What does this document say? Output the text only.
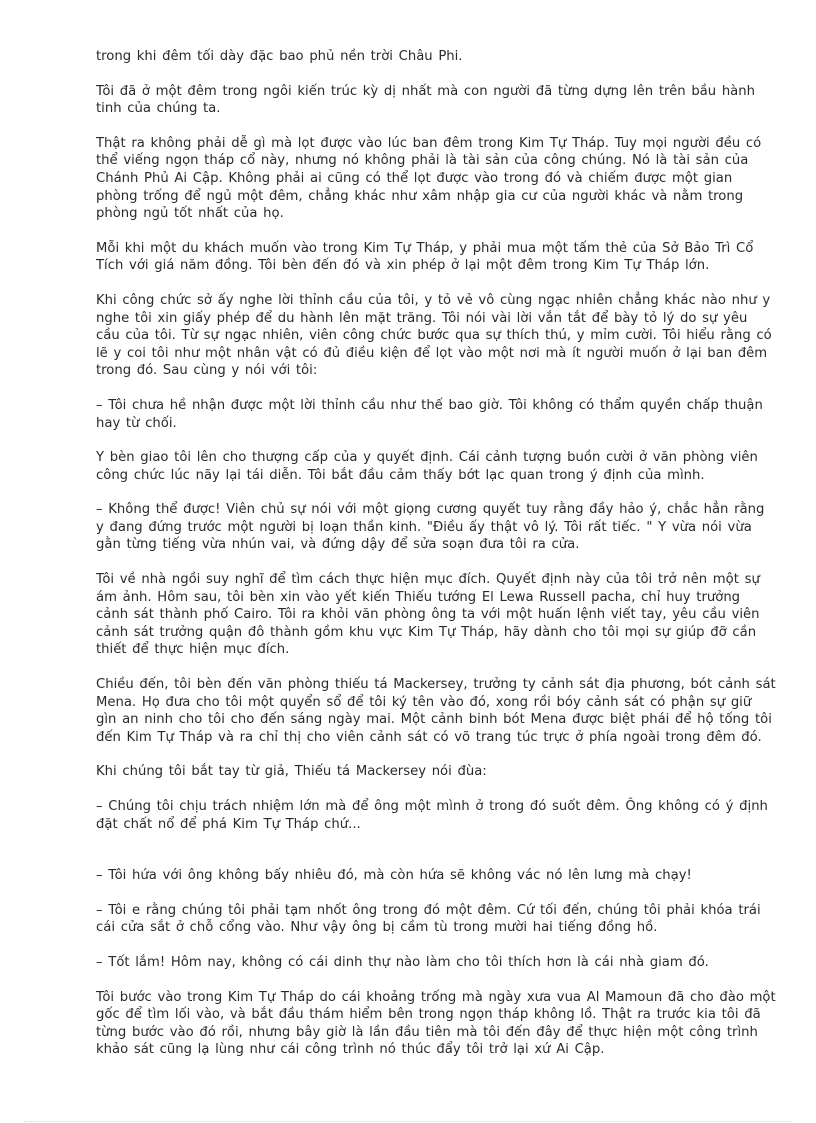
trong khi đêm tối dày đặc bao phủ nền trời Châu Phi.

Tôi đã ở một đêm trong ngôi kiến trúc kỳ dị nhất mà con người đã từng dựng lên trên bầu hành tinh của chúng ta.

Thật ra không phải dễ gì mà lọt được vào lúc ban đêm trong Kim Tự Tháp. Tuy mọi người đều có thể viếng ngọn tháp cổ này, nhưng nó không phải là tài sản của công chúng. Nó là tài sản của Chánh Phủ Ai Cập. Không phải ai cũng có thể lọt được vào trong đó và chiếm được một gian phòng trống để ngủ một đêm, chẳng khác như xâm nhập gia cư của người khác và nằm trong phòng ngủ tốt nhất của họ.

Mỗi khi một du khách muốn vào trong Kim Tự Tháp, y phải mua một tấm thẻ của Sở Bảo Trì Cổ Tích với giá năm đồng. Tôi bèn đến đó và xin phép ở lại một đêm trong Kim Tự Tháp lớn.

Khi công chức sở ấy nghe lời thỉnh cầu của tôi, y tỏ vẻ vô cùng ngạc nhiên chẳng khác nào như y nghe tôi xin giấy phép để du hành lên mặt trăng. Tôi nói vài lời vắn tắt để bày tỏ lý do sự yêu cầu của tôi. Từ sự ngạc nhiên, viên công chức bước qua sự thích thú, y mỉm cười. Tôi hiểu rằng có lẽ y coi tôi như một nhân vật có đủ điều kiện để lọt vào một nơi mà ít người muốn ở lại ban đêm trong đó. Sau cùng y nói với tôi:

– Tôi chưa hề nhận được một lời thỉnh cầu như thế bao giờ. Tôi không có thẩm quyền chấp thuận hay từ chối.

Y bèn giao tôi lên cho thượng cấp của y quyết định. Cái cảnh tượng buồn cười ở văn phòng viên công chức lúc nãy lại tái diễn. Tôi bắt đầu cảm thấy bớt lạc quan trong ý định của mình.

– Không thể được! Viên chủ sự nói với một giọng cương quyết tuy rằng đầy hảo ý, chắc hẳn rằng y đang đứng trước một người bị loạn thần kinh. "Điều ấy thật vô lý. Tôi rất tiếc. " Y vừa nói vừa gằn từng tiếng vừa nhún vai, và đứng dậy để sửa soạn đưa tôi ra cửa.

Tôi về nhà ngồi suy nghĩ để tìm cách thực hiện mục đích. Quyết định này của tôi trở nên một sự ám ảnh. Hôm sau, tôi bèn xin vào yết kiến Thiếu tướng El Lewa Russell pacha, chỉ huy trưởng cảnh sát thành phố Cairo. Tôi ra khỏi văn phòng ông ta với một huấn lệnh viết tay, yêu cầu viên cảnh sát trưởng quận đô thành gồm khu vực Kim Tự Tháp, hãy dành cho tôi mọi sự giúp đỡ cần thiết để thực hiện mục đích.

Chiều đến, tôi bèn đến văn phòng thiếu tá Mackersey, trưởng ty cảnh sát địa phương, bót cảnh sát Mena. Họ đưa cho tôi một quyển sổ để tôi ký tên vào đó, xong rồi bóy cảnh sát có phận sự giữ gìn an ninh cho tôi cho đến sáng ngày mai. Một cảnh binh bót Mena được biệt phái để hộ tống tôi đến Kim Tự Tháp và ra chỉ thị cho viên cảnh sát có võ trang túc trực ở phía ngoài trong đêm đó.

Khi chúng tôi bắt tay từ giả, Thiếu tá Mackersey nói đùa:

– Chúng tôi chịu trách nhiệm lớn mà để ông một mình ở trong đó suốt đêm. Ông không có ý định đặt chất nổ để phá Kim Tự Tháp chứ...

– Tôi hứa với ông không bấy nhiêu đó, mà còn hứa sẽ không vác nó lên lưng mà chạy!

– Tôi e rằng chúng tôi phải tạm nhốt ông trong đó một đêm. Cứ tối đến, chúng tôi phải khóa trái cái cửa sắt ở chỗ cổng vào. Như vậy ông bị cầm tù trong mười hai tiếng đồng hồ.

– Tốt lắm! Hôm nay, không có cái dinh thự nào làm cho tôi thích hơn là cái nhà giam đó.

Tôi bước vào trong Kim Tự Tháp do cái khoảng trống mà ngày xưa vua Al Mamoun đã cho đào một gốc để tìm lối vào, và bắt đầu thám hiểm bên trong ngọn tháp không lồ. Thật ra trước kia tôi đã từng bước vào đó rồi, nhưng bây giờ là lần đầu tiên mà tôi đến đây để thực hiện một công trình khảo sát cũng lạ lùng như cái công trình nó thúc đẩy tôi trở lại xứ Ai Cập.
